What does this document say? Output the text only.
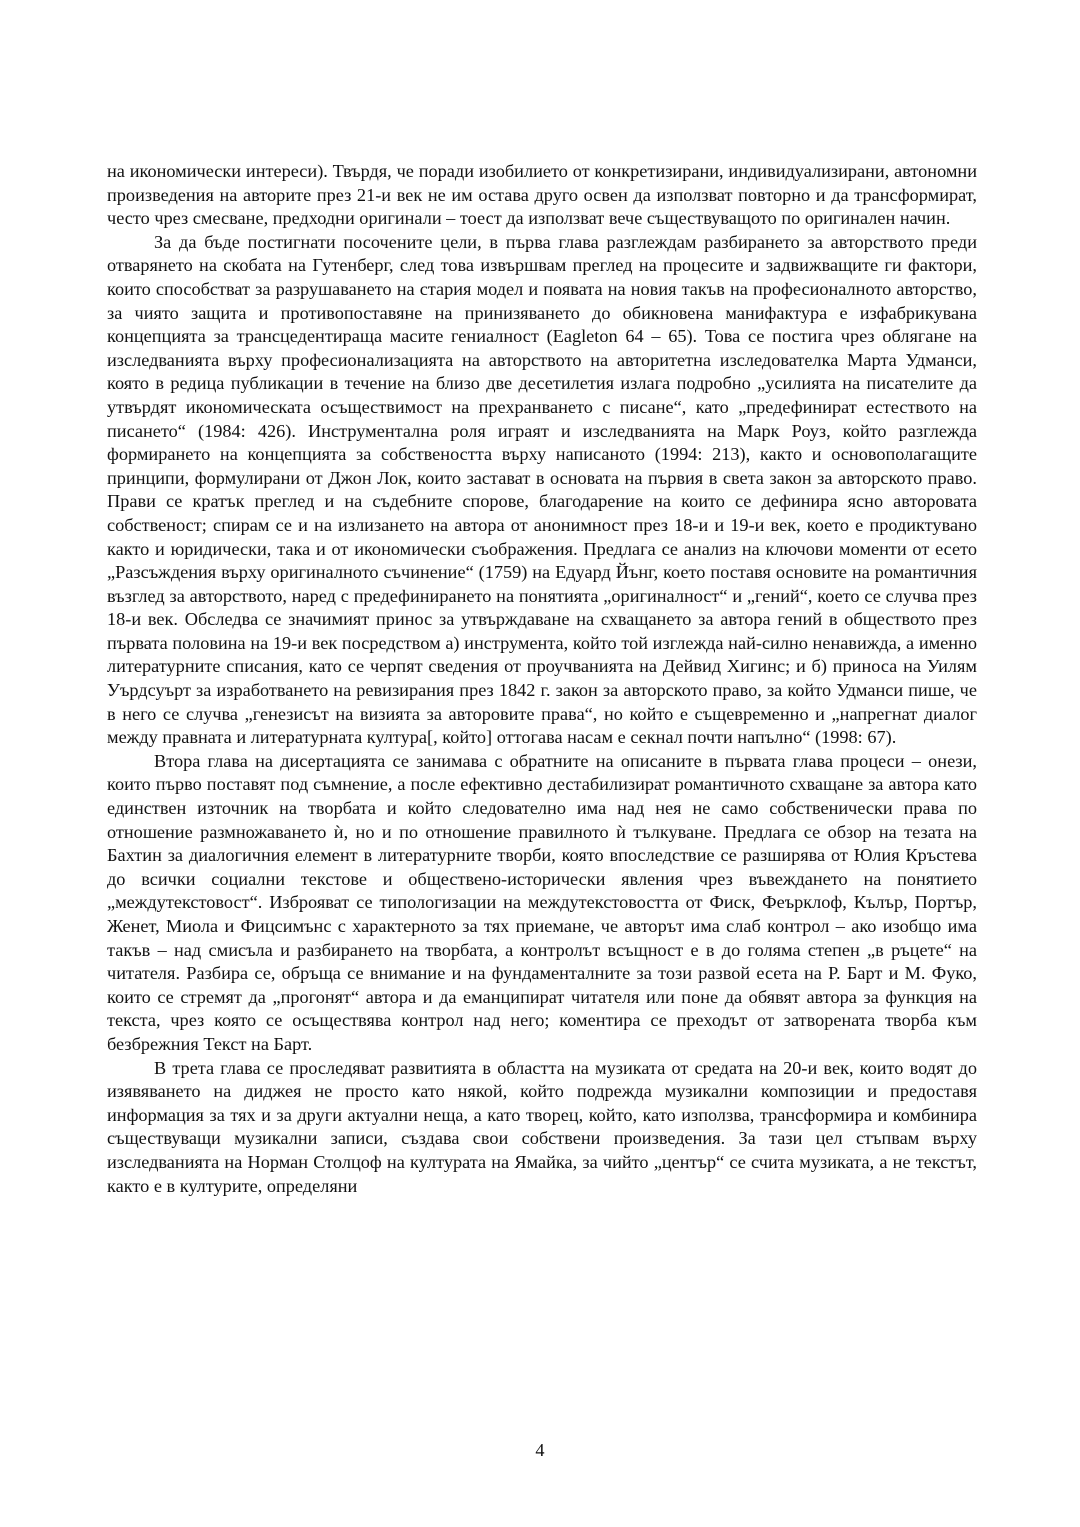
на икономически интереси). Твърдя, че поради изобилието от конкретизирани, индивидуализирани, автономни произведения на авторите през 21-и век не им остава друго освен да използват повторно и да трансформират, често чрез смесване, предходни оригинали – тоест да използват вече съществуващото по оригинален начин.

За да бъде постигнати посочените цели, в първа глава разглеждам разбирането за авторството преди отварянето на скобата на Гутенберг, след това извършвам преглед на процесите и задвижващите ги фактори, които способстват за разрушаването на стария модел и появата на новия такъв на професионалното авторство, за чиято защита и противопоставяне на принизяването до обикновена манифактура е изфабрикувана концепцията за трансцедентираща масите гениалност (Eagleton 64 – 65). Това се постига чрез облягане на изследванията върху професионализацията на авторството на авторитетна изследователка Марта Удманси, която в редица публикации в течение на близо две десетилетия излага подробно „усилията на писателите да утвърдят икономическата осъществимост на прехранването с писане“, като „предефинират естеството на писането“ (1984: 426). Инструментална роля играят и изследванията на Марк Роуз, който разглежда формирането на концепцията за собствеността върху написаното (1994: 213), както и основополагащите принципи, формулирани от Джон Лок, които застават в основата на първия в света закон за авторското право. Прави се кратък преглед и на съдебните спорове, благодарение на които се дефинира ясно авторовата собственост; спирам се и на излизането на автора от анонимност през 18-и и 19-и век, което е продиктувано както и юридически, така и от икономически съображения. Предлага се анализ на ключови моменти от есето „Разсъждения върху оригиналното съчинение“ (1759) на Едуард Йънг, което поставя основите на романтичния възглед за авторството, наред с предефинирането на понятията „оригиналност“ и „гений“, което се случва през 18-и век. Обследва се значимият принос за утвърждаване на схващането за автора гений в обществото през първата половина на 19-и век посредством а) инструмента, който той изглежда най-силно ненавижда, а именно литературните списания, като се черпят сведения от проучванията на Дейвид Хигинс; и б) приноса на Уилям Уърдсуърт за изработването на ревизирания през 1842 г. закон за авторското право, за който Удманси пише, че в него се случва „генезисът на визията за авторовите права“, но който е същевременно и „напрегнат диалог между правната и литературната култура[, който] оттогава насам е секнал почти напълно“ (1998: 67).

Втора глава на дисертацията се занимава с обратните на описаните в първата глава процеси – онези, които първо поставят под съмнение, а после ефективно дестабилизират романтичното схващане за автора като единствен източник на творбата и който следователно има над нея не само собственически права по отношение размножаването ѝ, но и по отношение правилното ѝ тълкуване. Предлага се обзор на тезата на Бахтин за диалогичния елемент в литературните творби, която впоследствие се разширява от Юлия Кръстева до всички социални текстове и обществено-исторически явления чрез въвеждането на понятието „междутекстовост“. Изброяват се типологизации на междутекстовостта от Фиск, Феърклоф, Кълър, Портър, Женет, Миола и Фицсимънс с характерното за тях приемане, че авторът има слаб контрол – ако изобщо има такъв – над смисъла и разбирането на творбата, а контролът всъщност е в до голяма степен „в ръцете“ на читателя. Разбира се, обръща се внимание и на фундаменталните за този развой есета на Р. Барт и М. Фуко, които се стремят да „прогонят“ автора и да еманципират читателя или поне да обявят автора за функция на текста, чрез която се осъществява контрол над него; коментира се преходът от затворената творба към безбрежния Текст на Барт.

В трета глава се проследяват развитията в областта на музиката от средата на 20-и век, които водят до изявяването на диджея не просто като някой, който подрежда музикални композиции и предоставя информация за тях и за други актуални неща, а като творец, който, като използва, трансформира и комбинира съществуващи музикални записи, създава свои собствени произведения. За тази цел стъпвам върху изследванията на Норман Столцоф на културата на Ямайка, за чийто „център“ се счита музиката, а не текстът, както е в културите, определяни

4
